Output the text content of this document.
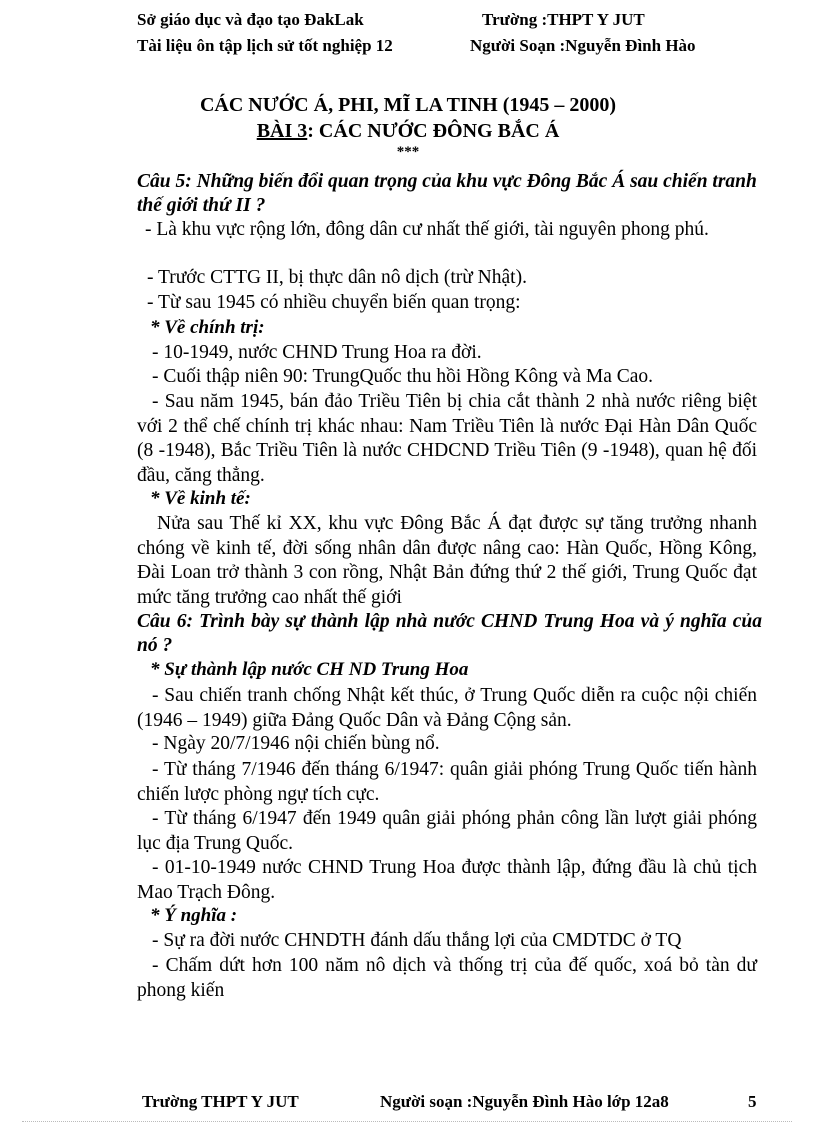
Sở giáo dục và đạo tạo ĐakLak	Trường :THPT Y JUT
Tài liệu ôn tập lịch sử tốt nghiệp 12	Người Soạn :Nguyễn Đình Hào
CÁC NƯỚC Á, PHI, MĨ LA TINH (1945 – 2000)
BÀI 3: CÁC NƯỚC ĐÔNG BẮC Á
***
Câu 5: Những biến đổi quan trọng của khu vực Đông Bắc Á sau chiến tranh thế giới thứ II ?
- Là khu vực rộng lớn, đông dân cư nhất thế giới, tài nguyên phong phú.
- Trước CTTG II, bị thực dân nô dịch (trừ Nhật).
- Từ sau 1945 có nhiều chuyển biến quan trọng:
* Về chính trị:
- 10-1949, nước CHND Trung Hoa ra đời.
- Cuối thập niên 90: TrungQuốc thu hồi Hồng Kông và Ma Cao.
- Sau năm 1945, bán đảo Triều Tiên bị chia cắt thành 2 nhà nước riêng biệt với 2 thể chế chính trị khác nhau: Nam Triều Tiên là nước Đại Hàn Dân Quốc (8 -1948), Bắc Triều Tiên là nước CHDCND Triều Tiên (9 -1948), quan hệ đối đầu, căng thẳng.
* Về kinh tế:
Nửa sau Thế kỉ XX, khu vực Đông Bắc Á đạt được sự tăng trưởng nhanh chóng về kinh tế, đời sống nhân dân được nâng cao: Hàn Quốc, Hồng Kông, Đài Loan trở thành 3 con rồng, Nhật Bản đứng thứ 2 thế giới, Trung Quốc đạt mức tăng trưởng cao nhất thế giới
Câu 6: Trình bày sự thành lập nhà nước CHND Trung Hoa và ý nghĩa của nó ?
* Sự thành lập nước CH ND Trung Hoa
- Sau chiến tranh chống Nhật kết thúc, ở Trung Quốc diễn ra cuộc nội chiến (1946 – 1949) giữa Đảng Quốc Dân và Đảng Cộng sản.
- Ngày 20/7/1946 nội chiến bùng nổ.
- Từ tháng 7/1946 đến tháng 6/1947: quân giải phóng Trung Quốc tiến hành chiến lược phòng ngự tích cực.
- Từ tháng 6/1947 đến 1949 quân giải phóng phản công lần lượt giải phóng lục địa Trung Quốc.
- 01-10-1949 nước CHND Trung Hoa được thành lập, đứng đầu là chủ tịch Mao Trạch Đông.
* Ý nghĩa :
- Sự ra đời nước CHNDTH đánh dấu thắng lợi của CMDTDC ở TQ
- Chấm dứt hơn 100 năm nô dịch và thống trị của đế quốc, xoá bỏ tàn dư phong kiến
Trường THPT Y JUT	Người soạn :Nguyễn Đình Hào lớp 12a8	5
